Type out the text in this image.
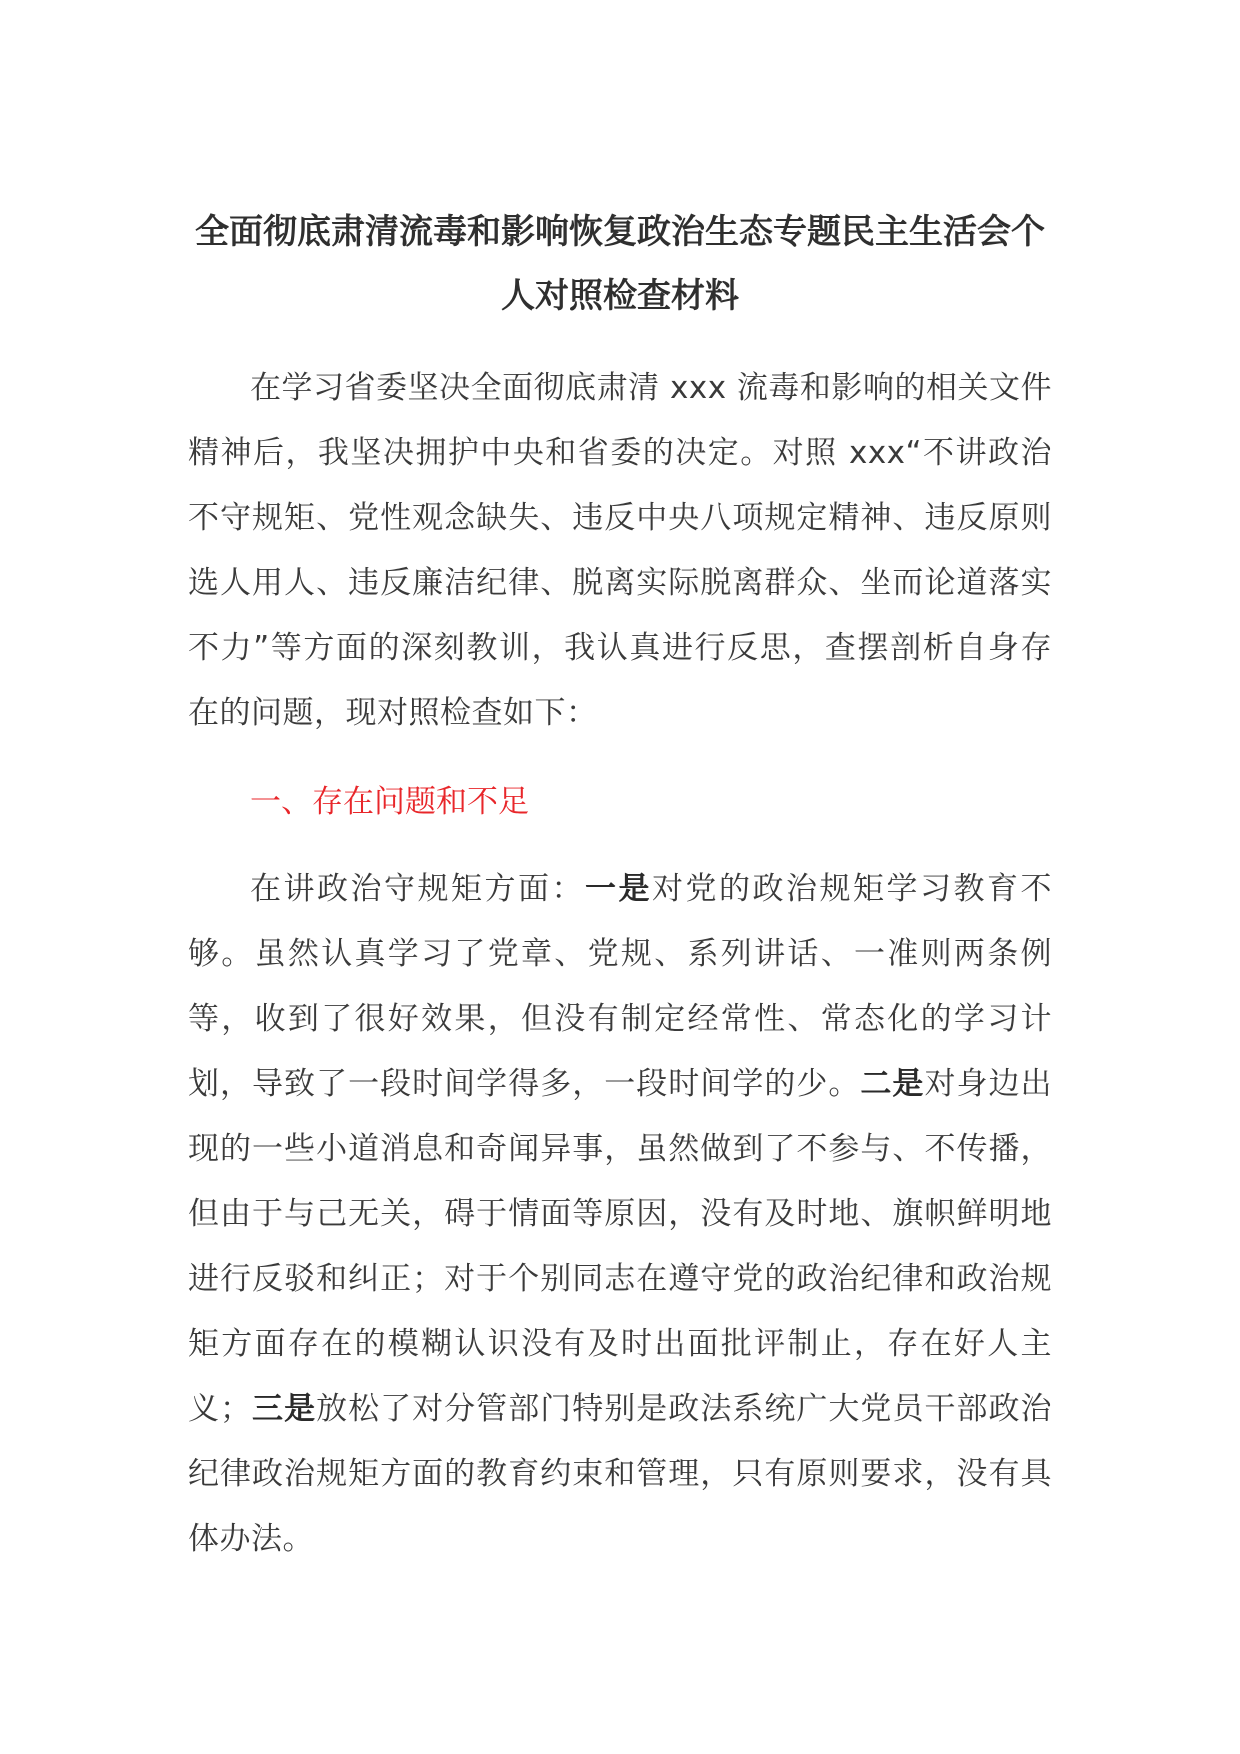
全面彻底肃清流毒和影响恢复政治生态专题民主生活会个
人对照检查材料

在学习省委坚决全面彻底肃清 xxx 流毒和影响的相关文件精神后，我坚决拥护中央和省委的决定。对照 xxx“不讲政治不守规矩、党性观念缺失、违反中央八项规定精神、违反原则选人用人、违反廉洁纪律、脱离实际脱离群众、坐而论道落实不力”等方面的深刻教训，我认真进行反思，查摆剖析自身存在的问题，现对照检查如下：

一、存在问题和不足

在讲政治守规矩方面：一是对党的政治规矩学习教育不够。虽然认真学习了党章、党规、系列讲话、一准则两条例等，收到了很好效果，但没有制定经常性、常态化的学习计划，导致了一段时间学得多，一段时间学的少。二是对身边出现的一些小道消息和奇闻异事，虽然做到了不参与、不传播，但由于与己无关，碍于情面等原因，没有及时地、旗帜鲜明地进行反驳和纠正；对于个别同志在遵守党的政治纪律和政治规矩方面存在的模糊认识没有及时出面批评制止，存在好人主义；三是放松了对分管部门特别是政法系统广大党员干部政治纪律政治规矩方面的教育约束和管理，只有原则要求，没有具体办法。
